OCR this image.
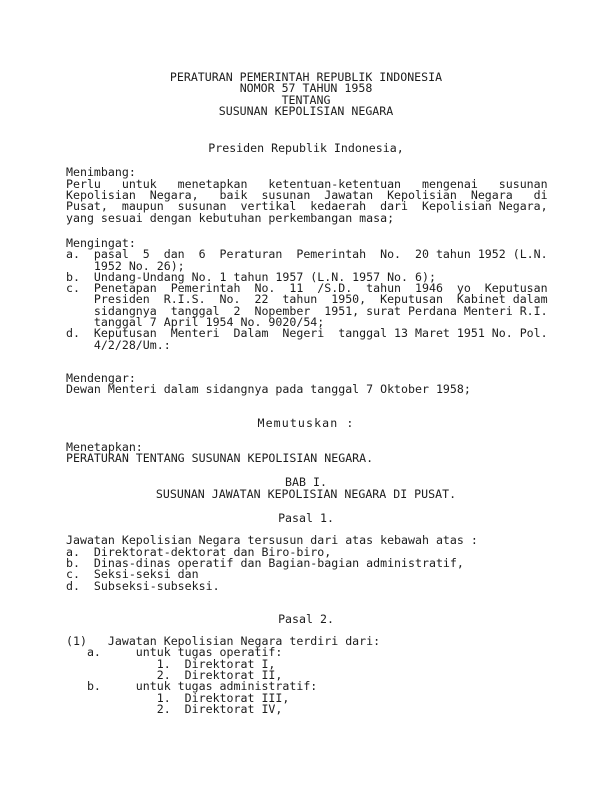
PERATURAN PEMERINTAH REPUBLIK INDONESIA
NOMOR 57 TAHUN 1958
TENTANG
SUSUNAN KEPOLISIAN NEGARA
Presiden Republik Indonesia,
Menimbang:
Perlu   untuk   menetapkan   ketentuan-ketentuan   mengenai   susunan
Kepolisian  Negara,   baik  susunan  Jawatan  Kepolisian  Negara   di
Pusat,  maupun  susunan  vertikal  kedaerah  dari  Kepolisian Negara,
yang sesuai dengan kebutuhan perkembangan masa;
Mengingat:
a.  pasal  5  dan  6  Peraturan  Pemerintah  No.  20 tahun 1952 (L.N.
1952 No. 26);
b.  Undang-Undang No. 1 tahun 1957 (L.N. 1957 No. 6);
c.  Penetapan  Pemerintah  No.  11  /S.D.  tahun  1946  yo  Keputusan
Presiden  R.I.S.  No.  22  tahun  1950,  Keputusan  Kabinet dalam
sidangnya  tanggal  2  Nopember  1951, surat Perdana Menteri R.I.
tanggal 7 April 1954 No. 9020/54;
d.  Keputusan  Menteri  Dalam  Negeri  tanggal 13 Maret 1951 No. Pol.
4/2/28/Um.:
Mendengar:
Dewan Menteri dalam sidangnya pada tanggal 7 Oktober 1958;
Memutuskan :
Menetapkan:
PERATURAN TENTANG SUSUNAN KEPOLISIAN NEGARA.
BAB I.
SUSUNAN JAWATAN KEPOLISIAN NEGARA DI PUSAT.
Pasal 1.
Jawatan Kepolisian Negara tersusun dari atas kebawah atas :
a.  Direktorat-dektorat dan Biro-biro,
b.  Dinas-dinas operatif dan Bagian-bagian administratif,
c.  Seksi-seksi dan
d.  Subseksi-subseksi.
Pasal 2.
(1)   Jawatan Kepolisian Negara terdiri dari:
a.     untuk tugas operatif:
1.  Direktorat I,
2.  Direktorat II,
b.     untuk tugas administratif:
1.  Direktorat III,
2.  Direktorat IV,
